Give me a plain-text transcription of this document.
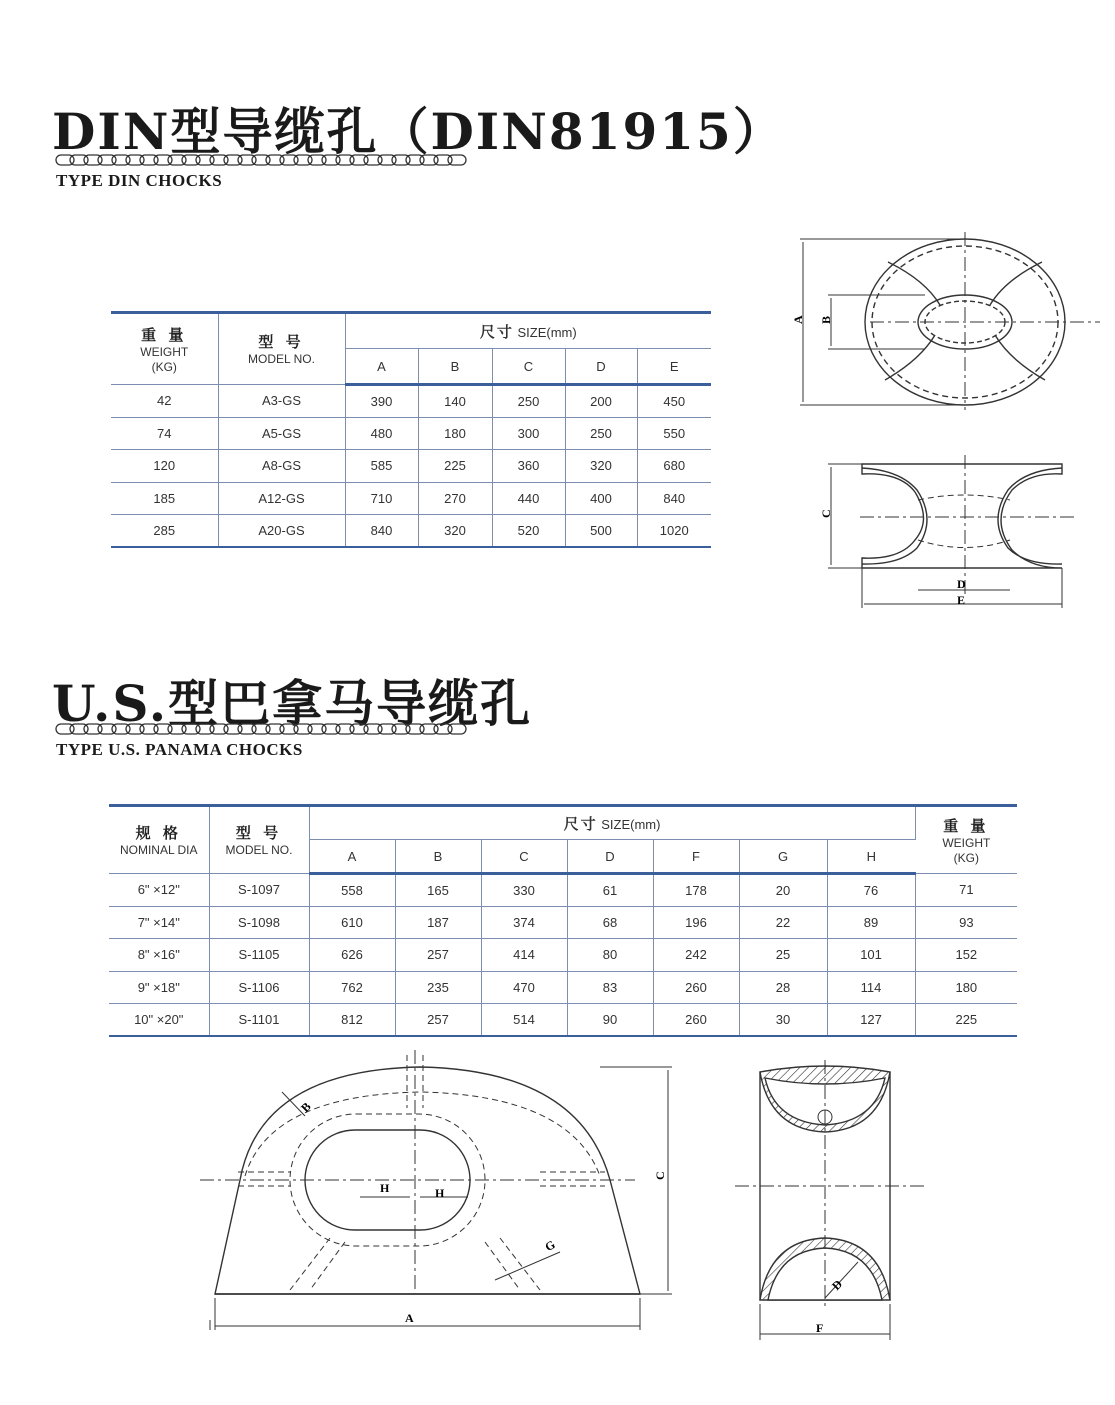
DIN型导缆孔（DIN81915）
TYPE DIN CHOCKS
重 量
WEIGHT
(KG)	型 号
MODEL NO.	尺寸 SIZE(mm)				
		A	B	C	D	E
42	A3-GS	390	140	250	200	450
74	A5-GS	480	180	300	250	550
120	A8-GS	585	225	360	320	680
185	A12-GS	710	270	440	400	840
285	A20-GS	840	320	520	500	1020
A B
C
D
E
U.S.型巴拿马导缆孔
TYPE U.S. PANAMA CHOCKS
规 格
NOMINAL DIA	型 号
MODEL NO.	尺寸 SIZE(mm)							重 量
WEIGHT
(KG)

		A	B	C	D	F	G	H	
6" ×12"	S-1097	558	165	330	61	178	20	76	71
7" ×14"	S-1098	610	187	374	68	196	22	89	93
8" ×16"	S-1105	626	257	414	80	242	25	101	152
9" ×18"	S-1106	762	235	470	83	260	28	114	180
10" ×20"	S-1101	812	257	514	90	260	30	127	225
A
B
C
D
F
G
H	H
